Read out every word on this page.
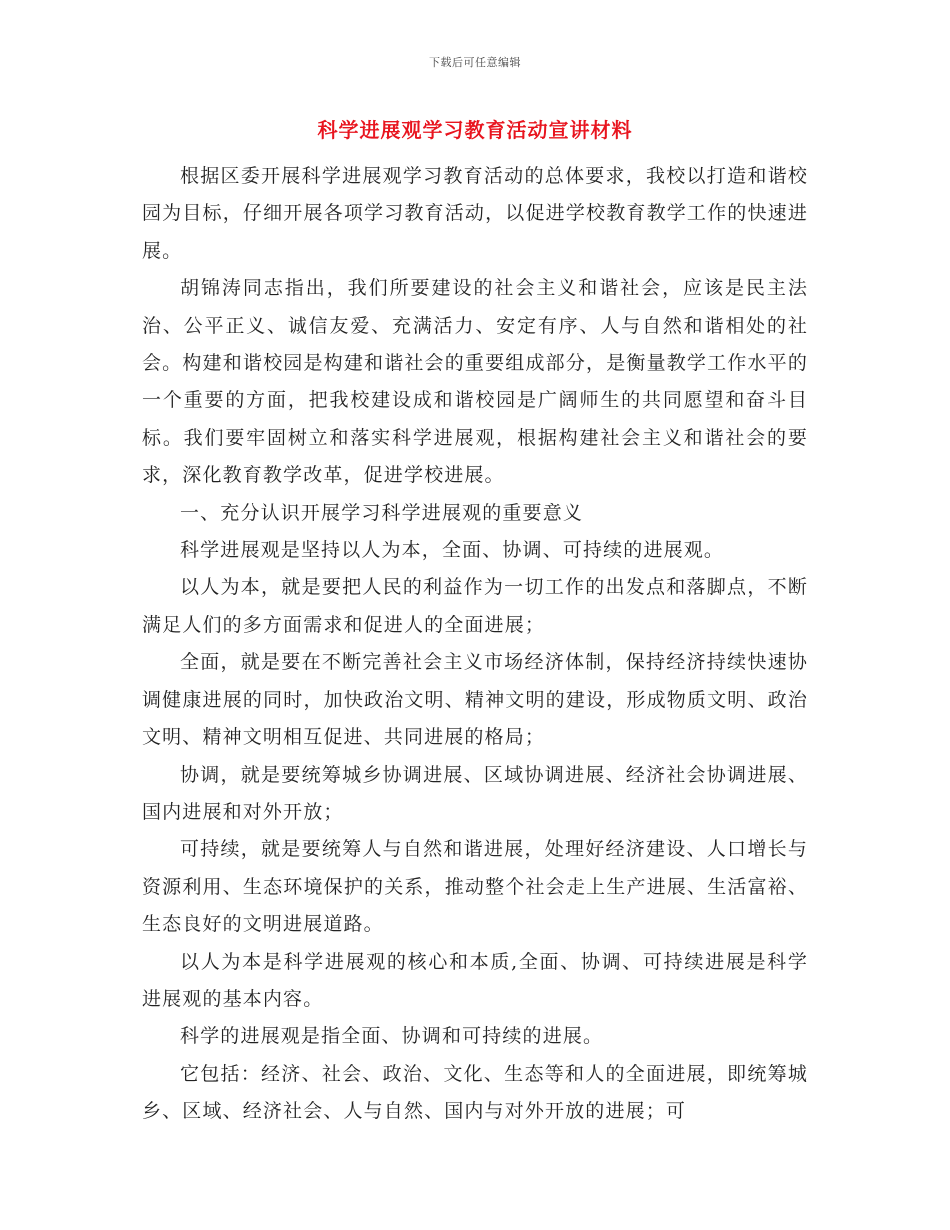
下载后可任意编辑
科学进展观学习教育活动宣讲材料

根据区委开展科学进展观学习教育活动的总体要求，我校以打造和谐校园为目标，仔细开展各项学习教育活动，以促进学校教育教学工作的快速进展。

胡锦涛同志指出，我们所要建设的社会主义和谐社会，应该是民主法治、公平正义、诚信友爱、充满活力、安定有序、人与自然和谐相处的社会。构建和谐校园是构建和谐社会的重要组成部分，是衡量教学工作水平的一个重要的方面，把我校建设成和谐校园是广阔师生的共同愿望和奋斗目标。我们要牢固树立和落实科学进展观，根据构建社会主义和谐社会的要求，深化教育教学改革，促进学校进展。

一、充分认识开展学习科学进展观的重要意义

科学进展观是坚持以人为本，全面、协调、可持续的进展观。

以人为本，就是要把人民的利益作为一切工作的出发点和落脚点，不断满足人们的多方面需求和促进人的全面进展；

全面，就是要在不断完善社会主义市场经济体制，保持经济持续快速协调健康进展的同时，加快政治文明、精神文明的建设，形成物质文明、政治文明、精神文明相互促进、共同进展的格局；

协调，就是要统筹城乡协调进展、区域协调进展、经济社会协调进展、国内进展和对外开放；

可持续，就是要统筹人与自然和谐进展，处理好经济建设、人口增长与资源利用、生态环境保护的关系，推动整个社会走上生产进展、生活富裕、生态良好的文明进展道路。

以人为本是科学进展观的核心和本质,全面、协调、可持续进展是科学进展观的基本内容。

科学的进展观是指全面、协调和可持续的进展。

它包括：经济、社会、政治、文化、生态等和人的全面进展，即统筹城乡、区域、经济社会、人与自然、国内与对外开放的进展；可
